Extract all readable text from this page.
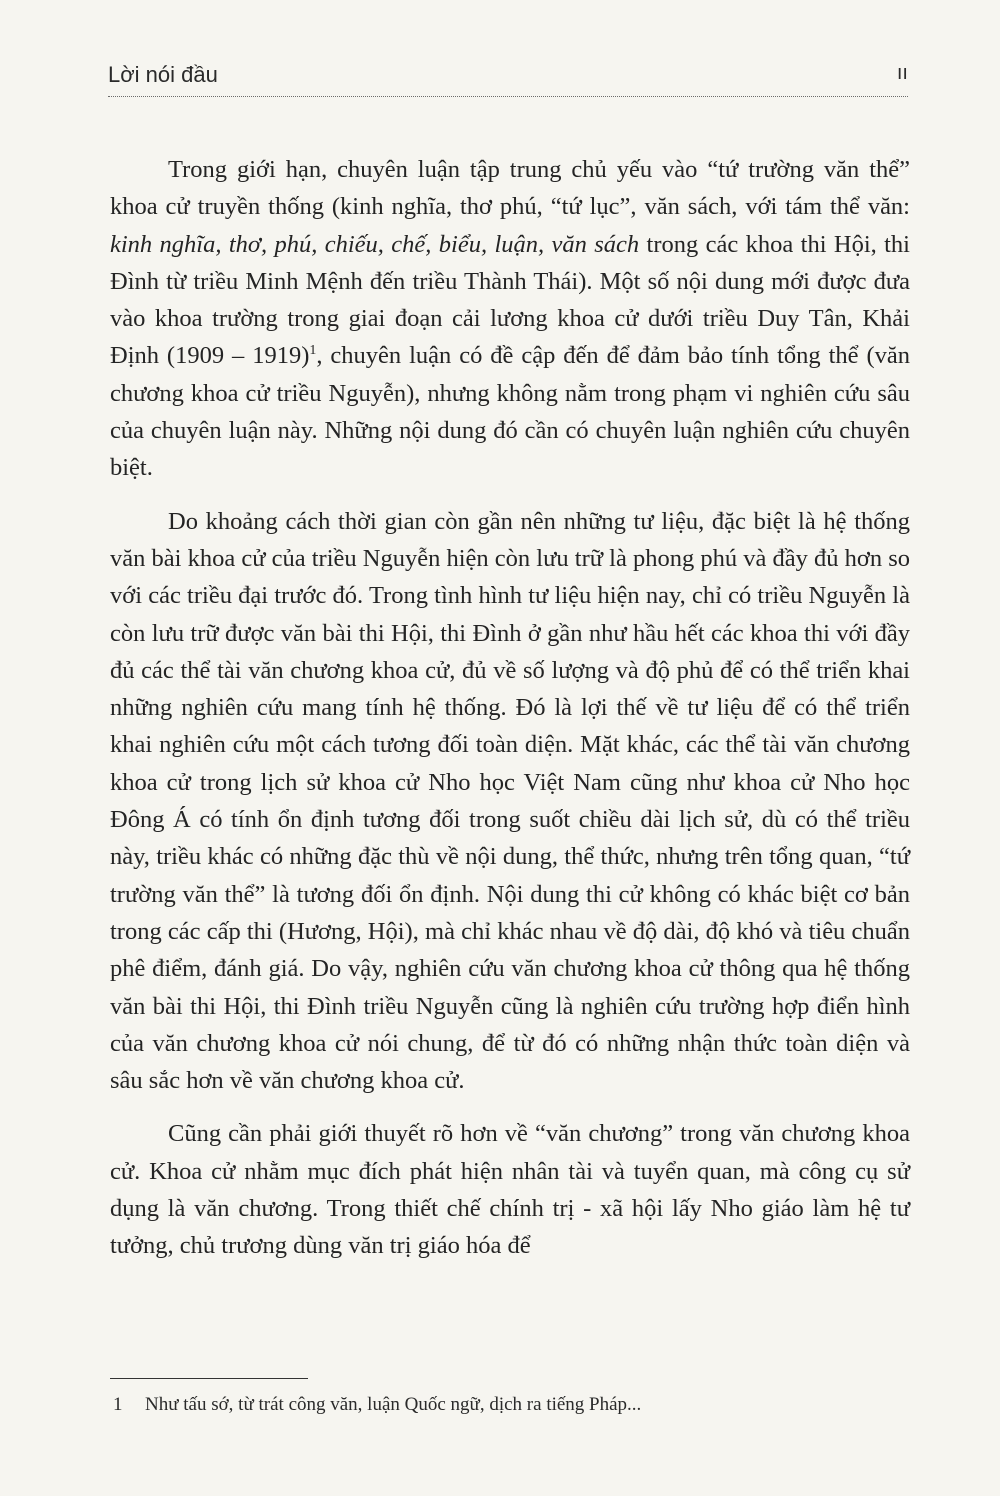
Lời nói đầu	ıı

Trong giới hạn, chuyên luận tập trung chủ yếu vào “tứ trường văn thể” khoa cử truyền thống (kinh nghĩa, thơ phú, “tứ lục”, văn sách, với tám thể văn: kinh nghĩa, thơ, phú, chiếu, chế, biểu, luận, văn sách trong các khoa thi Hội, thi Đình từ triều Minh Mệnh đến triều Thành Thái). Một số nội dung mới được đưa vào khoa trường trong giai đoạn cải lương khoa cử dưới triều Duy Tân, Khải Định (1909 – 1919)$^1$, chuyên luận có đề cập đến để đảm bảo tính tổng thể (văn chương khoa cử triều Nguyễn), nhưng không nằm trong phạm vi nghiên cứu sâu của chuyên luận này. Những nội dung đó cần có chuyên luận nghiên cứu chuyên biệt.

Do khoảng cách thời gian còn gần nên những tư liệu, đặc biệt là hệ thống văn bài khoa cử của triều Nguyễn hiện còn lưu trữ là phong phú và đầy đủ hơn so với các triều đại trước đó. Trong tình hình tư liệu hiện nay, chỉ có triều Nguyễn là còn lưu trữ được văn bài thi Hội, thi Đình ở gần như hầu hết các khoa thi với đầy đủ các thể tài văn chương khoa cử, đủ về số lượng và độ phủ để có thể triển khai những nghiên cứu mang tính hệ thống. Đó là lợi thế về tư liệu để có thể triển khai nghiên cứu một cách tương đối toàn diện. Mặt khác, các thể tài văn chương khoa cử trong lịch sử khoa cử Nho học Việt Nam cũng như khoa cử Nho học Đông Á có tính ổn định tương đối trong suốt chiều dài lịch sử, dù có thể triều này, triều khác có những đặc thù về nội dung, thể thức, nhưng trên tổng quan, “tứ trường văn thể” là tương đối ổn định. Nội dung thi cử không có khác biệt cơ bản trong các cấp thi (Hương, Hội), mà chỉ khác nhau về độ dài, độ khó và tiêu chuẩn phê điểm, đánh giá. Do vậy, nghiên cứu văn chương khoa cử thông qua hệ thống văn bài thi Hội, thi Đình triều Nguyễn cũng là nghiên cứu trường hợp điển hình của văn chương khoa cử nói chung, để từ đó có những nhận thức toàn diện và sâu sắc hơn về văn chương khoa cử.

Cũng cần phải giới thuyết rõ hơn về “văn chương” trong văn chương khoa cử. Khoa cử nhằm mục đích phát hiện nhân tài và tuyển quan, mà công cụ sử dụng là văn chương. Trong thiết chế chính trị - xã hội lấy Nho giáo làm hệ tư tưởng, chủ trương dùng văn trị giáo hóa để

1 Như tấu sớ, từ trát công văn, luận Quốc ngữ, dịch ra tiếng Pháp...
